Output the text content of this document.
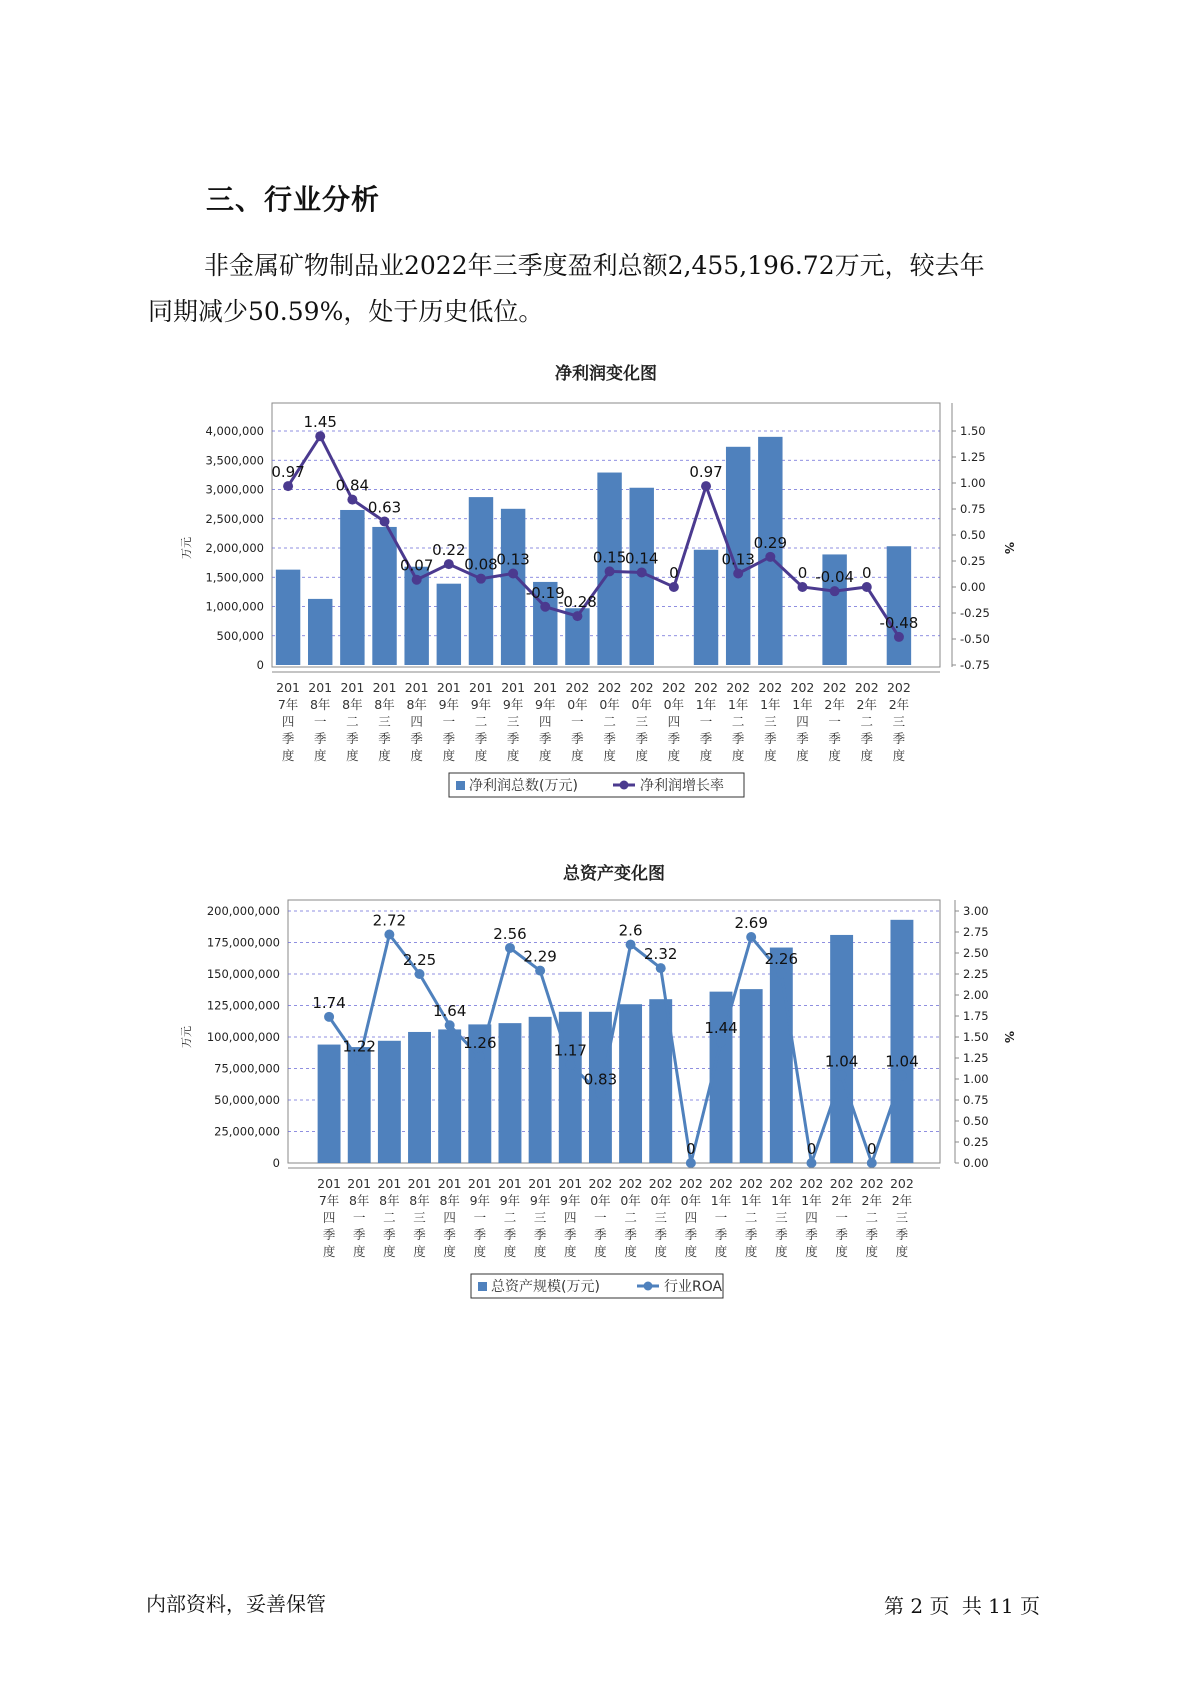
三、行业分析
非金属矿物制品业2022年三季度盈利总额2,455,196.72万元，较去年
同期减少50.59%，处于历史低位。
净利润变化图
0
500,000
1,000,000
1,500,000
2,000,000
2,500,000
3,000,000
3,500,000
4,000,000
-0.75
-0.50
-0.25
0.00
0.25
0.50
0.75
1.00
1.25
1.50
万元	%
0.97
1.45
0.84
0.63
0.07
0.22
0.08
0.13
-0.19
-0.28
0.15
0.14
0
0.97
0.13
0.29
0 -0.04 0
-0.48
201
7年
四
季
度
201
8年
一
季
度
201
8年
二
季
度
201
8年
三
季
度
201
8年
四
季
度
201
9年
一
季
度
201
9年
二
季
度
201
9年
三
季
度
201
9年
四
季
度
202
0年
一
季
度
202
0年
二
季
度
202
0年
三
季
度
202
0年
四
季
度
202
1年
一
季
度
202
1年
二
季
度
202
1年
三
季
度
202
1年
四
季
度
202
2年
一
季
度
202
2年
二
季
度
202
2年
三
季
度
净利润总数(万元)	净利润增长率
总资产变化图
0
25,000,000
50,000,000
75,000,000
100,000,000
125,000,000
150,000,000
175,000,000
200,000,000
0.00
0.25
0.50
0.75
1.00
1.25
1.50
1.75
2.00
2.25
2.50
2.75
3.00
万元	%
1.74
1.22
2.72
2.25
1.64
1.26
2.56
2.29
1.17
0.83
2.6
2.32
0
1.44
2.69
2.26
0
1.04
0
1.04
201
7年
四
季
度
201
8年
一
季
度
201
8年
二
季
度
201
8年
三
季
度
201
8年
四
季
度
201
9年
一
季
度
201
9年
二
季
度
201
9年
三
季
度
201
9年
四
季
度
202
0年
一
季
度
202
0年
二
季
度
202
0年
三
季
度
202
0年
四
季
度
202
1年
一
季
度
202
1年
二
季
度
202
1年
三
季
度
202
1年
四
季
度
202
2年
一
季
度
202
2年
二
季
度
202
2年
三
季
度
总资产规模(万元)	行业ROA
内部资料，妥善保管	第 2 页 共 11 页
